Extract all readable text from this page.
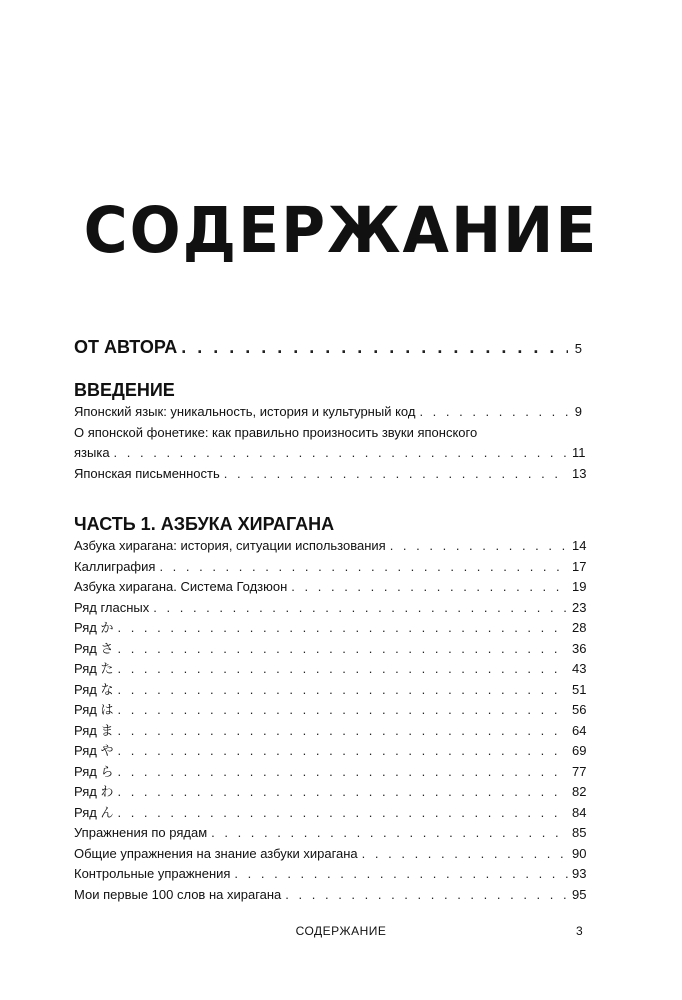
СОДЕРЖАНИЕ
ОТ АВТОРА . . .	5
ВВЕДЕНИЕ
Японский язык: уникальность, история и культурный код . . .	9
О японской фонетике: как правильно произносить звуки японского
языка . . .	11
Японская письменность . . .	13
ЧАСТЬ 1. АЗБУКА ХИРАГАНА
Азбука хирагана: история, ситуации использования . . .	14
Каллиграфия . . .	17
Азбука хирагана. Система Годзюон . . .	19
Ряд гласных . . .	23
Ряд か . . .	28
Ряд さ . . .	36
Ряд た . . .	43
Ряд な . . .	51
Ряд は . . .	56
Ряд ま . . .	64
Ряд や . . .	69
Ряд ら . . .	77
Ряд わ . . .	82
Ряд ん . . .	84
Упражнения по рядам . . .	85
Общие упражнения на знание азбуки хирагана . . .	90
Контрольные упражнения . . .	93
Мои первые 100 слов на хирагана . . .	95
СОДЕРЖАНИЕ	3
